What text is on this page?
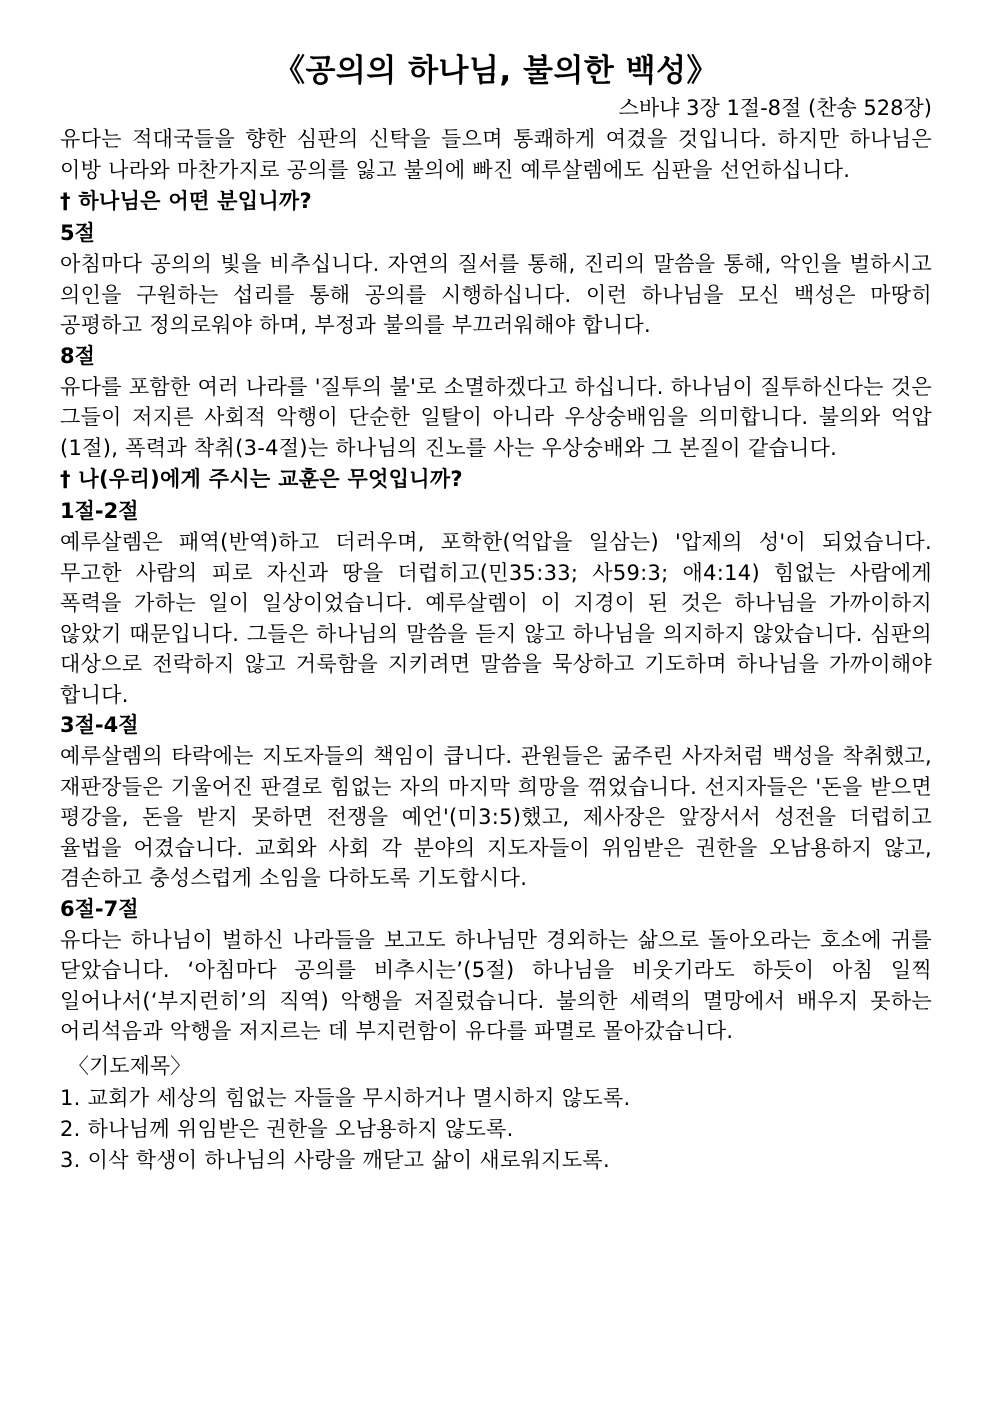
《공의의 하나님, 불의한 백성》
스바냐 3장 1절-8절 (찬송 528장)

유다는 적대국들을 향한 심판의 신탁을 들으며 통쾌하게 여겼을 것입니다. 하지만 하나님은 이방 나라와 마찬가지로 공의를 잃고 불의에 빠진 예루살렘에도 심판을 선언하십니다.

† 하나님은 어떤 분입니까?
5절

아침마다 공의의 빛을 비추십니다. 자연의 질서를 통해, 진리의 말씀을 통해, 악인을 벌하시고 의인을 구원하는 섭리를 통해 공의를 시행하십니다. 이런 하나님을 모신 백성은 마땅히 공평하고 정의로워야 하며, 부정과 불의를 부끄러워해야 합니다.

8절

유다를 포함한 여러 나라를 '질투의 불'로 소멸하겠다고 하십니다. 하나님이 질투하신다는 것은 그들이 저지른 사회적 악행이 단순한 일탈이 아니라 우상숭배임을 의미합니다. 불의와 억압(1절), 폭력과 착취(3-4절)는 하나님의 진노를 사는 우상숭배와 그 본질이 같습니다.

† 나(우리)에게 주시는 교훈은 무엇입니까?
1절-2절

예루살렘은 패역(반역)하고 더러우며, 포학한(억압을 일삼는) '압제의 성'이 되었습니다. 무고한 사람의 피로 자신과 땅을 더럽히고(민35:33; 사59:3; 애4:14) 힘없는 사람에게 폭력을 가하는 일이 일상이었습니다. 예루살렘이 이 지경이 된 것은 하나님을 가까이하지 않았기 때문입니다. 그들은 하나님의 말씀을 듣지 않고 하나님을 의지하지 않았습니다. 심판의 대상으로 전락하지 않고 거룩함을 지키려면 말씀을 묵상하고 기도하며 하나님을 가까이해야 합니다.

3절-4절

예루살렘의 타락에는 지도자들의 책임이 큽니다. 관원들은 굶주린 사자처럼 백성을 착취했고, 재판장들은 기울어진 판결로 힘없는 자의 마지막 희망을 꺾었습니다. 선지자들은 '돈을 받으면 평강을, 돈을 받지 못하면 전쟁을 예언'(미3:5)했고, 제사장은 앞장서서 성전을 더럽히고 율법을 어겼습니다. 교회와 사회 각 분야의 지도자들이 위임받은 권한을 오남용하지 않고, 겸손하고 충성스럽게 소임을 다하도록 기도합시다.

6절-7절

유다는 하나님이 벌하신 나라들을 보고도 하나님만 경외하는 삶으로 돌아오라는 호소에 귀를 닫았습니다. ‘아침마다 공의를 비추시는’(5절) 하나님을 비웃기라도 하듯이 아침 일찍 일어나서(‘부지런히’의 직역) 악행을 저질렀습니다. 불의한 세력의 멸망에서 배우지 못하는 어리석음과 악행을 저지르는 데 부지런함이 유다를 파멸로 몰아갔습니다.

〈기도제목〉
1. 교회가 세상의 힘없는 자들을 무시하거나 멸시하지 않도록.
2. 하나님께 위임받은 권한을 오남용하지 않도록.
3. 이삭 학생이 하나님의 사랑을 깨닫고 삶이 새로워지도록.
